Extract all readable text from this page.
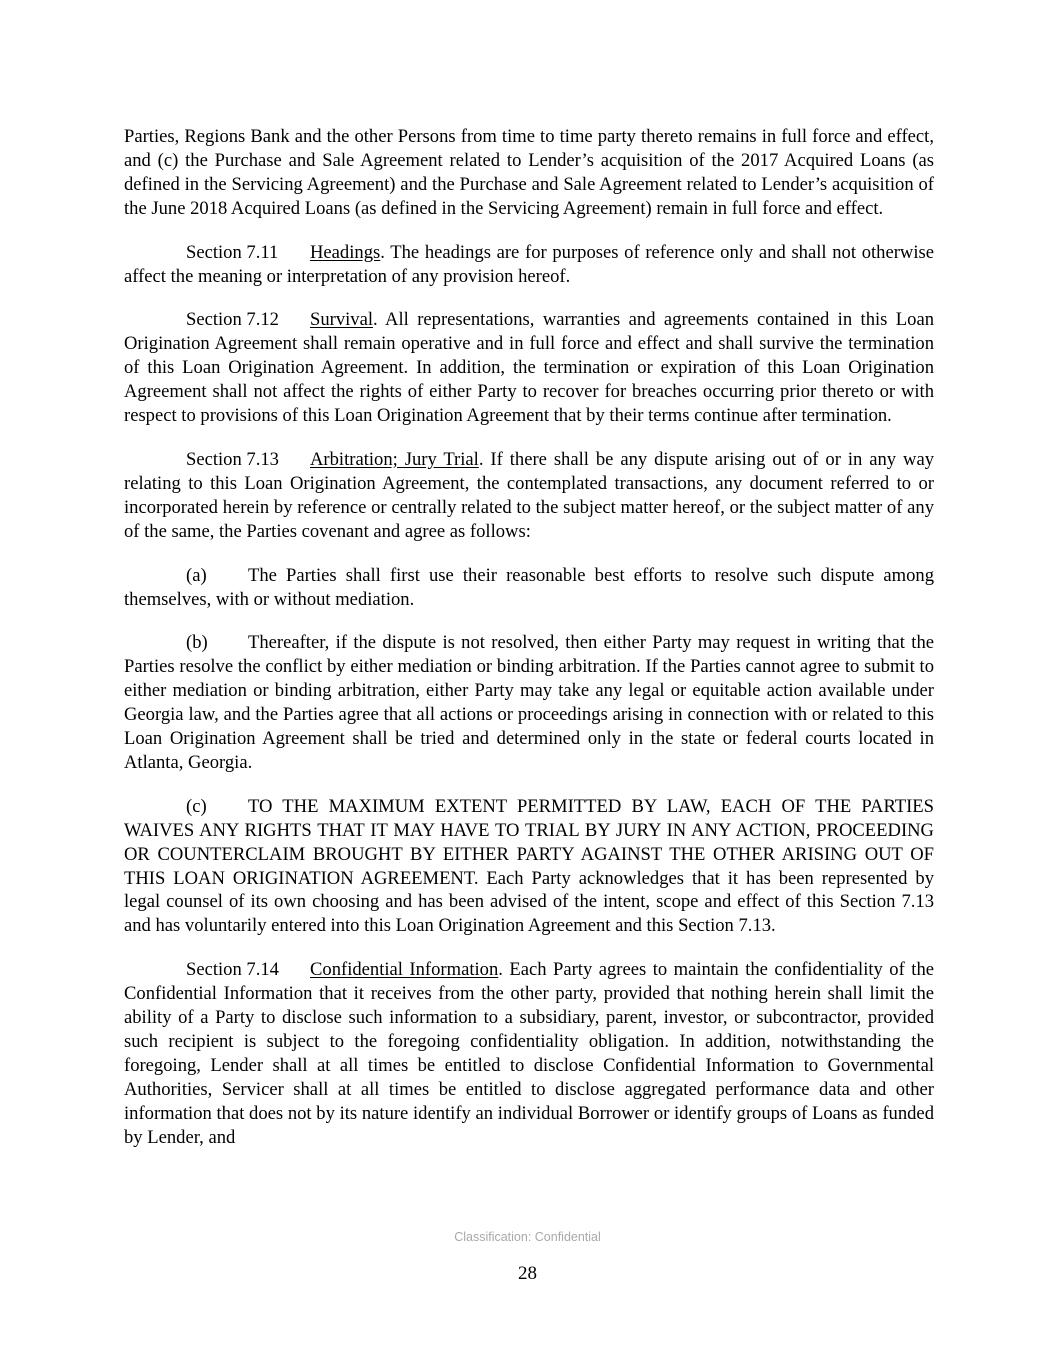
Parties, Regions Bank and the other Persons from time to time party thereto remains in full force and effect, and (c) the Purchase and Sale Agreement related to Lender’s acquisition of the 2017 Acquired Loans (as defined in the Servicing Agreement) and the Purchase and Sale Agreement related to Lender’s acquisition of the June 2018 Acquired Loans (as defined in the Servicing Agreement) remain in full force and effect.

Section 7.11 Headings. The headings are for purposes of reference only and shall not otherwise affect the meaning or interpretation of any provision hereof.

Section 7.12 Survival. All representations, warranties and agreements contained in this Loan Origination Agreement shall remain operative and in full force and effect and shall survive the termination of this Loan Origination Agreement. In addition, the termination or expiration of this Loan Origination Agreement shall not affect the rights of either Party to recover for breaches occurring prior thereto or with respect to provisions of this Loan Origination Agreement that by their terms continue after termination.

Section 7.13 Arbitration; Jury Trial. If there shall be any dispute arising out of or in any way relating to this Loan Origination Agreement, the contemplated transactions, any document referred to or incorporated herein by reference or centrally related to the subject matter hereof, or the subject matter of any of the same, the Parties covenant and agree as follows:

(a) The Parties shall first use their reasonable best efforts to resolve such dispute among themselves, with or without mediation.

(b) Thereafter, if the dispute is not resolved, then either Party may request in writing that the Parties resolve the conflict by either mediation or binding arbitration. If the Parties cannot agree to submit to either mediation or binding arbitration, either Party may take any legal or equitable action available under Georgia law, and the Parties agree that all actions or proceedings arising in connection with or related to this Loan Origination Agreement shall be tried and determined only in the state or federal courts located in Atlanta, Georgia.

(c) TO THE MAXIMUM EXTENT PERMITTED BY LAW, EACH OF THE PARTIES WAIVES ANY RIGHTS THAT IT MAY HAVE TO TRIAL BY JURY IN ANY ACTION, PROCEEDING OR COUNTERCLAIM BROUGHT BY EITHER PARTY AGAINST THE OTHER ARISING OUT OF THIS LOAN ORIGINATION AGREEMENT. Each Party acknowledges that it has been represented by legal counsel of its own choosing and has been advised of the intent, scope and effect of this Section 7.13 and has voluntarily entered into this Loan Origination Agreement and this Section 7.13.

Section 7.14 Confidential Information. Each Party agrees to maintain the confidentiality of the Confidential Information that it receives from the other party, provided that nothing herein shall limit the ability of a Party to disclose such information to a subsidiary, parent, investor, or subcontractor, provided such recipient is subject to the foregoing confidentiality obligation. In addition, notwithstanding the foregoing, Lender shall at all times be entitled to disclose Confidential Information to Governmental Authorities, Servicer shall at all times be entitled to disclose aggregated performance data and other information that does not by its nature identify an individual Borrower or identify groups of Loans as funded by Lender, and

Classification: Confidential
28
